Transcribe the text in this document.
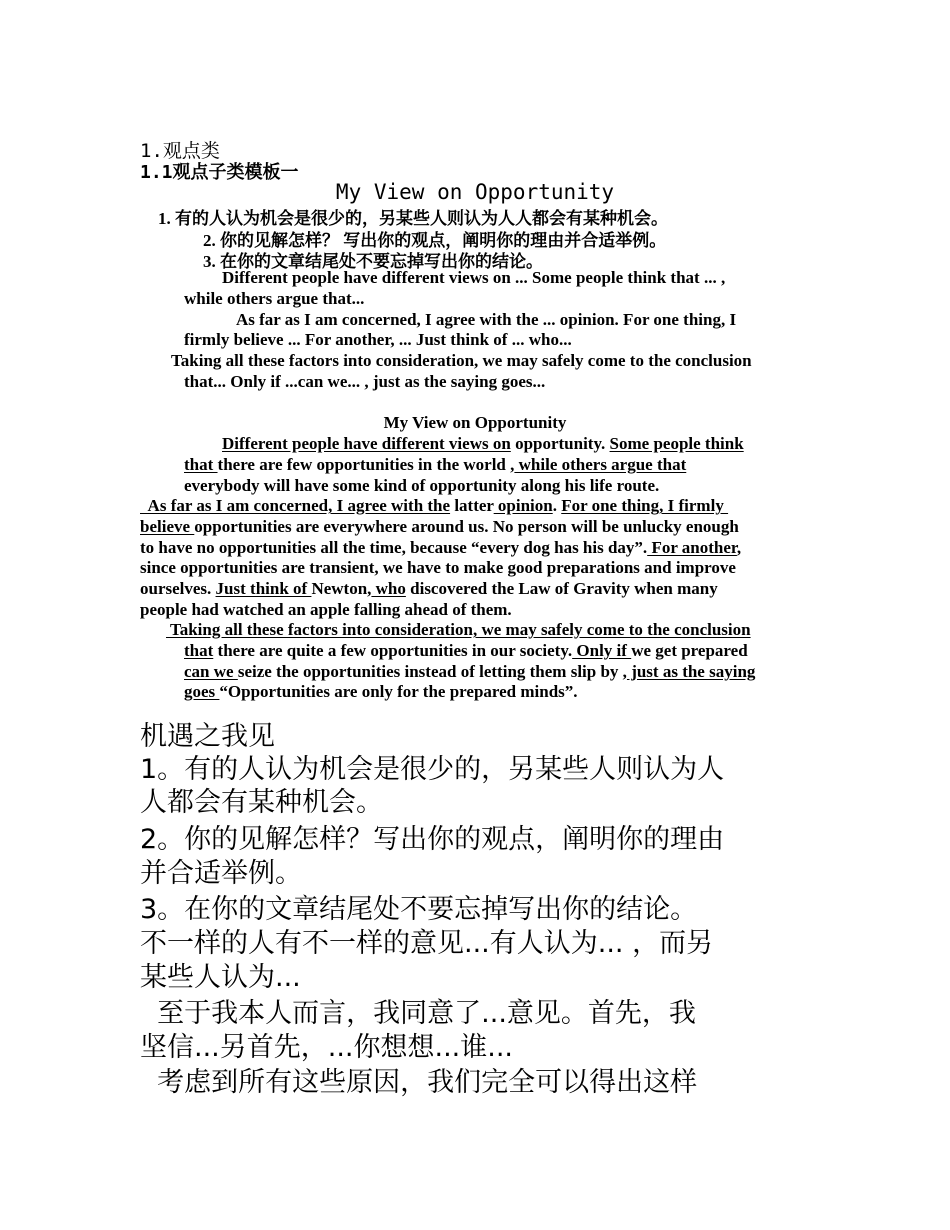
1.观点类
1.1观点子类模板一
My View on Opportunity
1. 有的人认为机会是很少的，另某些人则认为人人都会有某种机会。
2. 你的见解怎样？ 写出你的观点，阐明你的理由并合适举例。
3. 在你的文章结尾处不要忘掉写出你的结论。
Different people have different views on ... Some people think that ... ,
while others argue that...
As far as I am concerned, I agree with the ... opinion. For one thing, I
firmly believe ... For another, ... Just think of ... who...
Taking all these factors into consideration, we may safely come to the conclusion
that... Only if ...can we... , just as the saying goes...
My View on Opportunity
Different people have different views on opportunity. Some people think
that there are few opportunities in the world , while others argue that
everybody will have some kind of opportunity along his life route.
As far as I am concerned, I agree with the latter opinion. For one thing, I firmly
believe opportunities are everywhere around us. No person will be unlucky enough
to have no opportunities all the time, because “every dog has his day”. For another,
since opportunities are transient, we have to make good preparations and improve
ourselves. Just think of Newton, who discovered the Law of Gravity when many
people had watched an apple falling ahead of them.
Taking all these factors into consideration, we may safely come to the conclusion
that there are quite a few opportunities in our society. Only if we get prepared
can we seize the opportunities instead of letting them slip by , just as the saying
goes “Opportunities are only for the prepared minds”.
机遇之我见
1。有的人认为机会是很少的，另某些人则认为人
人都会有某种机会。
2。你的见解怎样？写出你的观点，阐明你的理由
并合适举例。
3。在你的文章结尾处不要忘掉写出你的结论。
不一样的人有不一样的意见...有人认为... ，而另
某些人认为...
至于我本人而言，我同意了...意见。首先，我
坚信...另首先，...你想想...谁...
考虑到所有这些原因，我们完全可以得出这样
